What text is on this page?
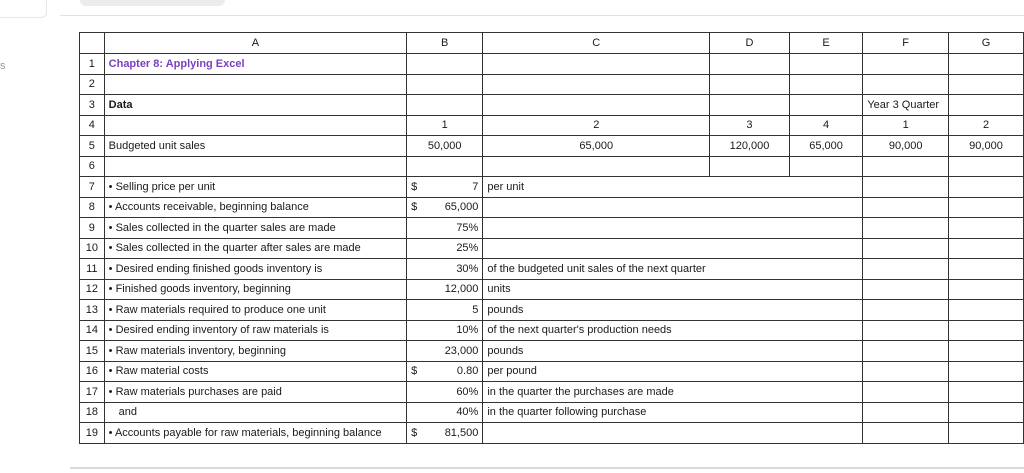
s
	A	B	C	D	E	F	G
1	Chapter 8: Applying Excel						
2							
3	Data					Year 3 Quarter	
4		1	2	3	4	1	2
5	Budgeted unit sales	50,000	65,000	120,000	65,000	90,000	90,000
6							
7	• Selling price per unit	$ 7	per unit				
8	• Accounts receivable, beginning balance	$ 65,000					
9	• Sales collected in the quarter sales are made	75%					
10	• Sales collected in the quarter after sales are made	25%					
11	• Desired ending finished goods inventory is	30%	of the budgeted unit sales of the next quarter				
12	• Finished goods inventory, beginning	12,000	units				
13	• Raw materials required to produce one unit	5	pounds				
14	• Desired ending inventory of raw materials is	10%	of the next quarter's production needs				
15	• Raw materials inventory, beginning	23,000	pounds				
16	• Raw material costs	$ 0.80	per pound				
17	• Raw materials purchases are paid	60%	in the quarter the purchases are made				
18	and	40%	in the quarter following purchase				
19	• Accounts payable for raw materials, beginning balance	$ 81,500					
